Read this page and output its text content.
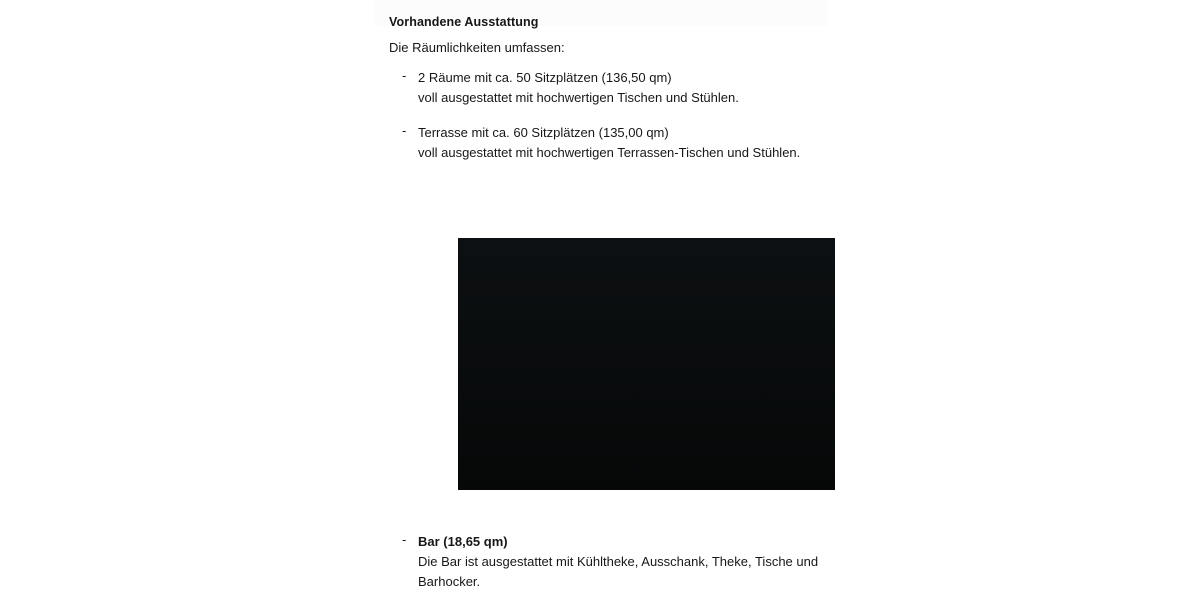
Vorhandene Ausstattung
Die Räumlichkeiten umfassen:
- 2 Räume mit ca. 50 Sitzplätzen (136,50 qm)
voll ausgestattet mit hochwertigen Tischen und Stühlen.
- Terrasse mit ca. 60 Sitzplätzen (135,00 qm)
voll ausgestattet mit hochwertigen Terrassen-Tischen und Stühlen.
- Bar (18,65 qm)
Die Bar ist ausgestattet mit Kühltheke, Ausschank, Theke, Tische und
Barhocker.
